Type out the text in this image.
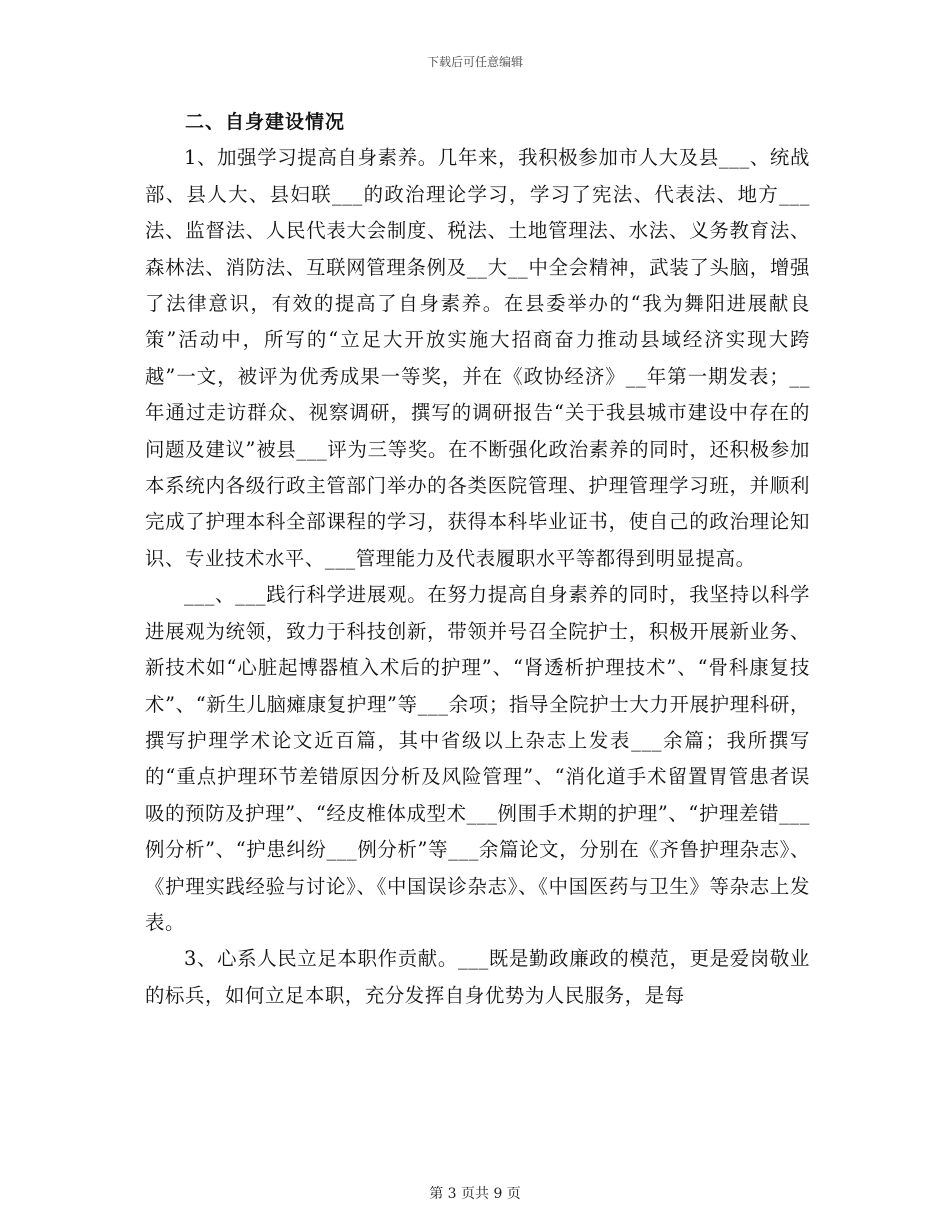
下载后可任意编辑
二、自身建设情况

1、加强学习提高自身素养。几年来，我积极参加市人大及县___、统战部、县人大、县妇联___的政治理论学习，学习了宪法、代表法、地方___法、监督法、人民代表大会制度、税法、土地管理法、水法、义务教育法、森林法、消防法、互联网管理条例及__大__中全会精神，武装了头脑，增强了法律意识，有效的提高了自身素养。在县委举办的“我为舞阳进展献良策”活动中，所写的“立足大开放实施大招商奋力推动县域经济实现大跨越”一文，被评为优秀成果一等奖，并在《政协经济》__年第一期发表；__年通过走访群众、视察调研，撰写的调研报告“关于我县城市建设中存在的问题及建议”被县___评为三等奖。在不断强化政治素养的同时，还积极参加本系统内各级行政主管部门举办的各类医院管理、护理管理学习班，并顺利完成了护理本科全部课程的学习，获得本科毕业证书，使自己的政治理论知识、专业技术水平、___管理能力及代表履职水平等都得到明显提高。

___、___践行科学进展观。在努力提高自身素养的同时，我坚持以科学进展观为统领，致力于科技创新，带领并号召全院护士，积极开展新业务、新技术如“心脏起博器植入术后的护理”、“肾透析护理技术”、“骨科康复技术”、“新生儿脑瘫康复护理”等___余项；指导全院护士大力开展护理科研，撰写护理学术论文近百篇，其中省级以上杂志上发表___余篇；我所撰写的“重点护理环节差错原因分析及风险管理”、“消化道手术留置胃管患者误吸的预防及护理”、“经皮椎体成型术___例围手术期的护理”、“护理差错___例分析”、“护患纠纷___例分析”等___余篇论文，分别在《齐鲁护理杂志》、《护理实践经验与讨论》、《中国误诊杂志》、《中国医药与卫生》等杂志上发表。

3、心系人民立足本职作贡献。___既是勤政廉政的模范，更是爱岗敬业的标兵，如何立足本职，充分发挥自身优势为人民服务，是每

第 3 页共 9 页
